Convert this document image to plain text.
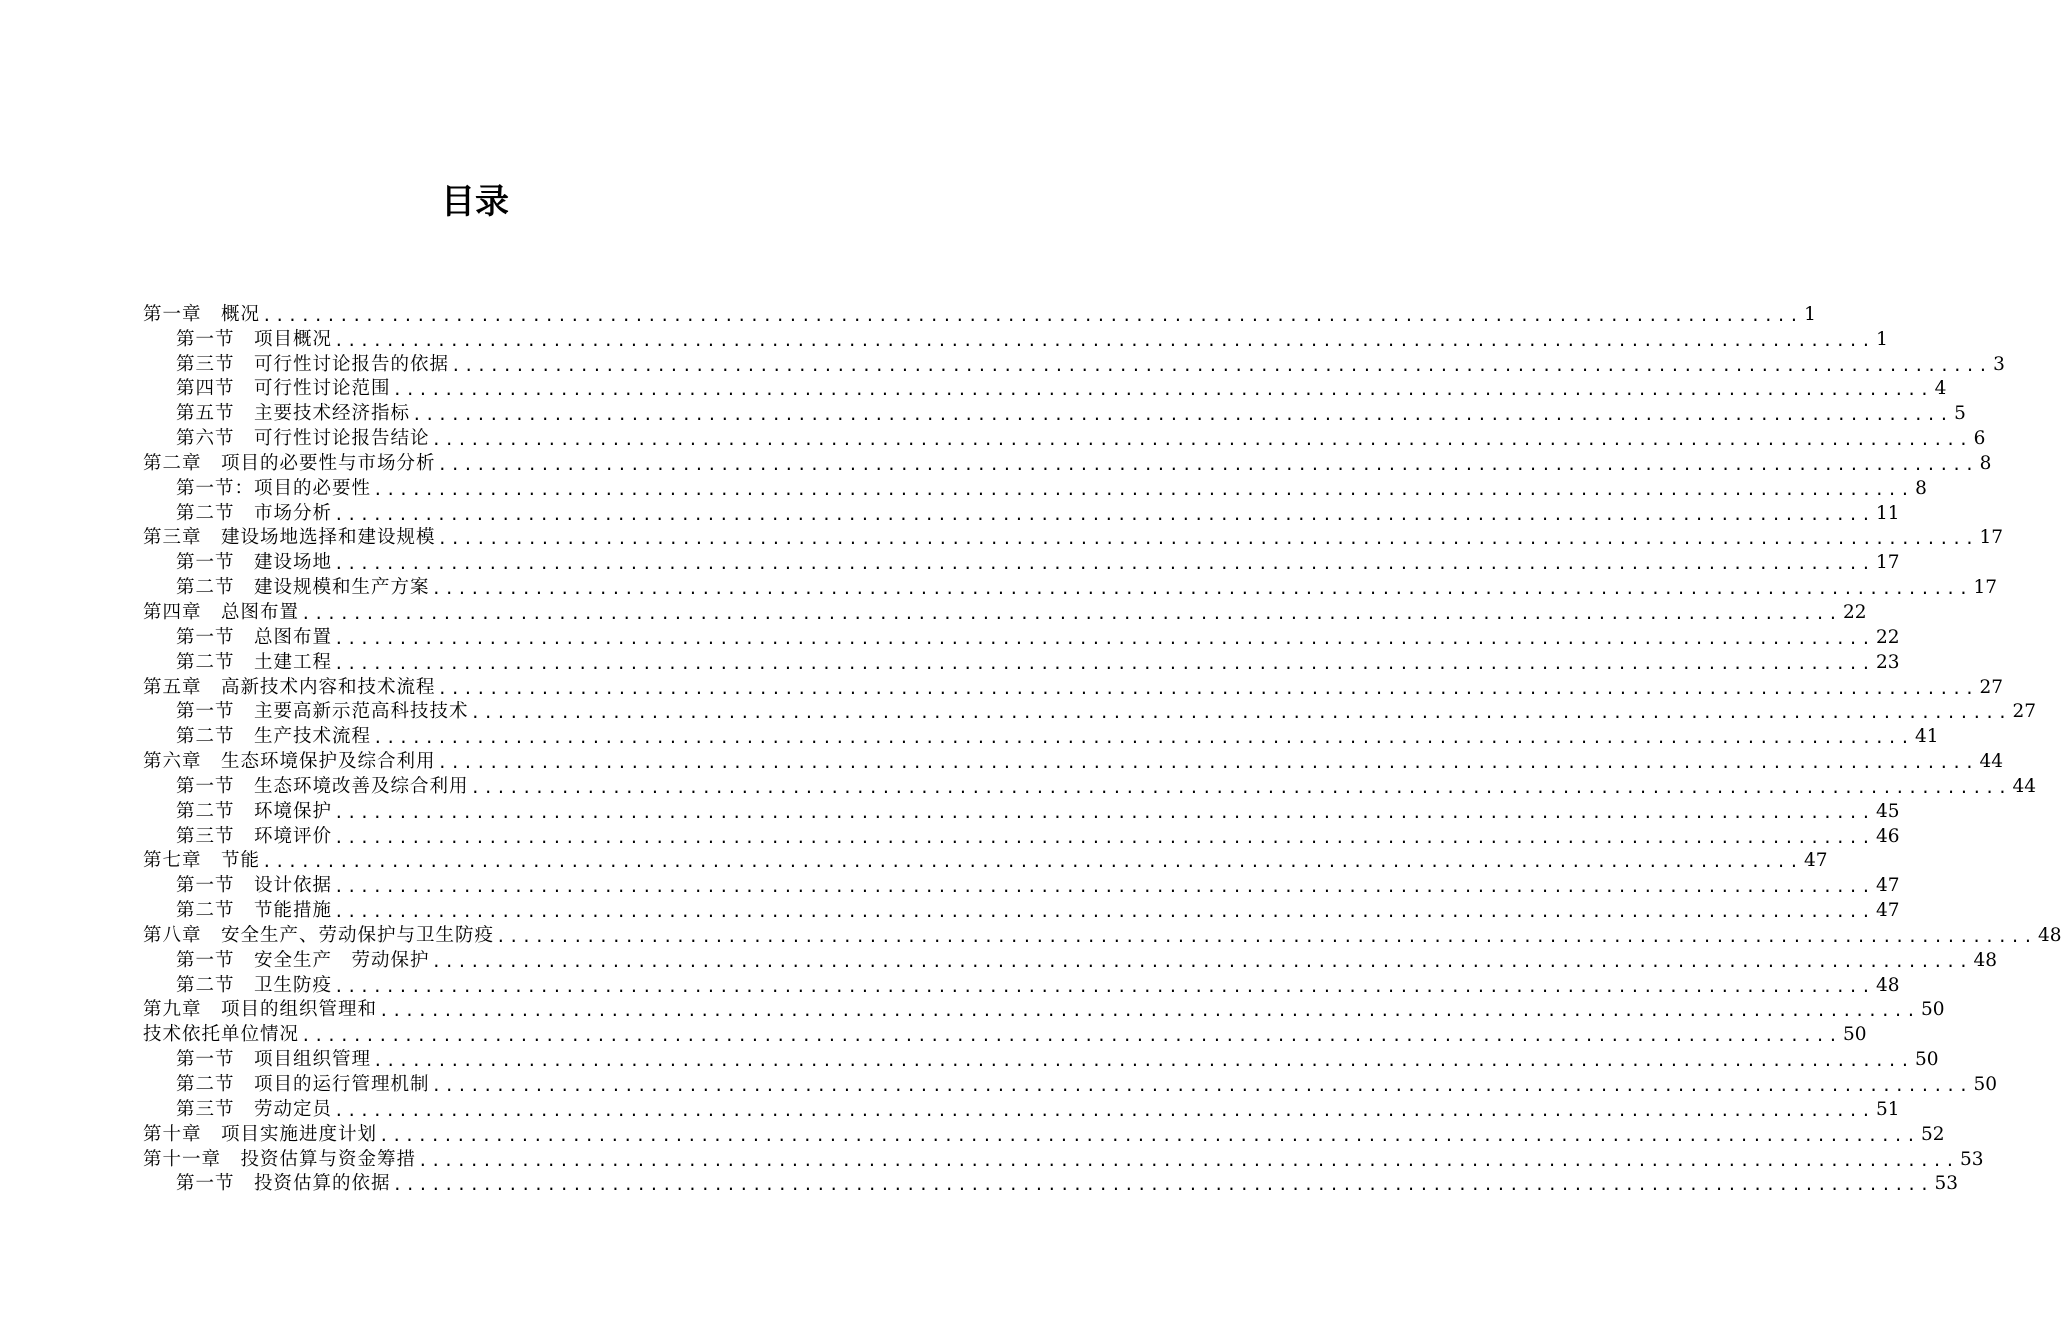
目录
第一章　概况 ........................................................................................................................ 1
第一节　项目概况 ........................................................................................................................ 1
第三节　可行性讨论报告的依据 ........................................................................................................................ 3
第四节　可行性讨论范围 ........................................................................................................................ 4
第五节　主要技术经济指标 ........................................................................................................................ 5
第六节　可行性讨论报告结论 ........................................................................................................................ 6
第二章　项目的必要性与市场分析 ........................................................................................................................ 8
第一节：项目的必要性 ........................................................................................................................ 8
第二节　市场分析 ........................................................................................................................ 11
第三章　建设场地选择和建设规模 ........................................................................................................................ 17
第一节　建设场地 ........................................................................................................................ 17
第二节　建设规模和生产方案 ........................................................................................................................ 17
第四章　总图布置 ........................................................................................................................ 22
第一节　总图布置 ........................................................................................................................ 22
第二节　土建工程 ........................................................................................................................ 23
第五章　高新技术内容和技术流程 ........................................................................................................................ 27
第一节　主要高新示范高科技技术 ........................................................................................................................ 27
第二节　生产技术流程 ........................................................................................................................ 41
第六章　生态环境保护及综合利用 ........................................................................................................................ 44
第一节　生态环境改善及综合利用 ........................................................................................................................ 44
第二节　环境保护 ........................................................................................................................ 45
第三节　环境评价 ........................................................................................................................ 46
第七章　节能 ........................................................................................................................ 47
第一节　设计依据 ........................................................................................................................ 47
第二节　节能措施 ........................................................................................................................ 47
第八章　安全生产、劳动保护与卫生防疫 ........................................................................................................................ 48
第一节　安全生产　劳动保护 ........................................................................................................................ 48
第二节　卫生防疫 ........................................................................................................................ 48
第九章　项目的组织管理和 ........................................................................................................................ 50
技术依托单位情况 ........................................................................................................................ 50
第一节　项目组织管理 ........................................................................................................................ 50
第二节　项目的运行管理机制 ........................................................................................................................ 50
第三节　劳动定员 ........................................................................................................................ 51
第十章　项目实施进度计划 ........................................................................................................................ 52
第十一章　投资估算与资金筹措 ........................................................................................................................ 53
第一节　投资估算的依据 ........................................................................................................................ 53
